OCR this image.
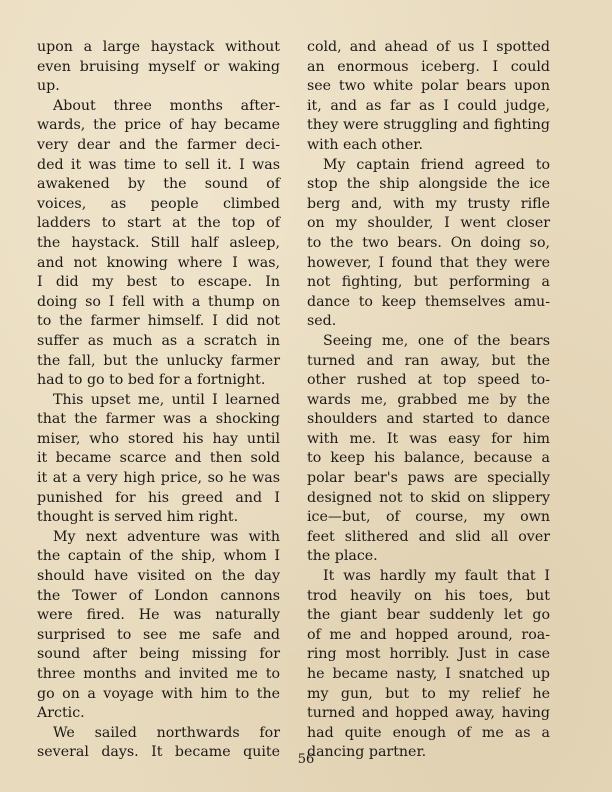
upon a large haystack without
even bruising myself or waking
up.
About three months after-
wards, the price of hay became
very dear and the farmer deci-
ded it was time to sell it. I was
awakened by the sound of
voices, as people climbed
ladders to start at the top of
the haystack. Still half asleep,
and not knowing where I was,
I did my best to escape. In
doing so I fell with a thump on
to the farmer himself. I did not
suffer as much as a scratch in
the fall, but the unlucky farmer
had to go to bed for a fortnight.
This upset me, until I learned
that the farmer was a shocking
miser, who stored his hay until
it became scarce and then sold
it at a very high price, so he was
punished for his greed and I
thought is served him right.
My next adventure was with
the captain of the ship, whom I
should have visited on the day
the Tower of London cannons
were fired. He was naturally
surprised to see me safe and
sound after being missing for
three months and invited me to
go on a voyage with him to the
Arctic.
We sailed northwards for
several days. It became quite
cold, and ahead of us I spotted
an enormous iceberg. I could
see two white polar bears upon
it, and as far as I could judge,
they were struggling and fighting
with each other.
My captain friend agreed to
stop the ship alongside the ice
berg and, with my trusty rifle
on my shoulder, I went closer
to the two bears. On doing so,
however, I found that they were
not fighting, but performing a
dance to keep themselves amu-
sed.
Seeing me, one of the bears
turned and ran away, but the
other rushed at top speed to-
wards me, grabbed me by the
shoulders and started to dance
with me. It was easy for him
to keep his balance, because a
polar bear's paws are specially
designed not to skid on slippery
ice—but, of course, my own
feet slithered and slid all over
the place.
It was hardly my fault that I
trod heavily on his toes, but
the giant bear suddenly let go
of me and hopped around, roa-
ring most horribly. Just in case
he became nasty, I snatched up
my gun, but to my relief he
turned and hopped away, having
had quite enough of me as a
dancing partner.
56
